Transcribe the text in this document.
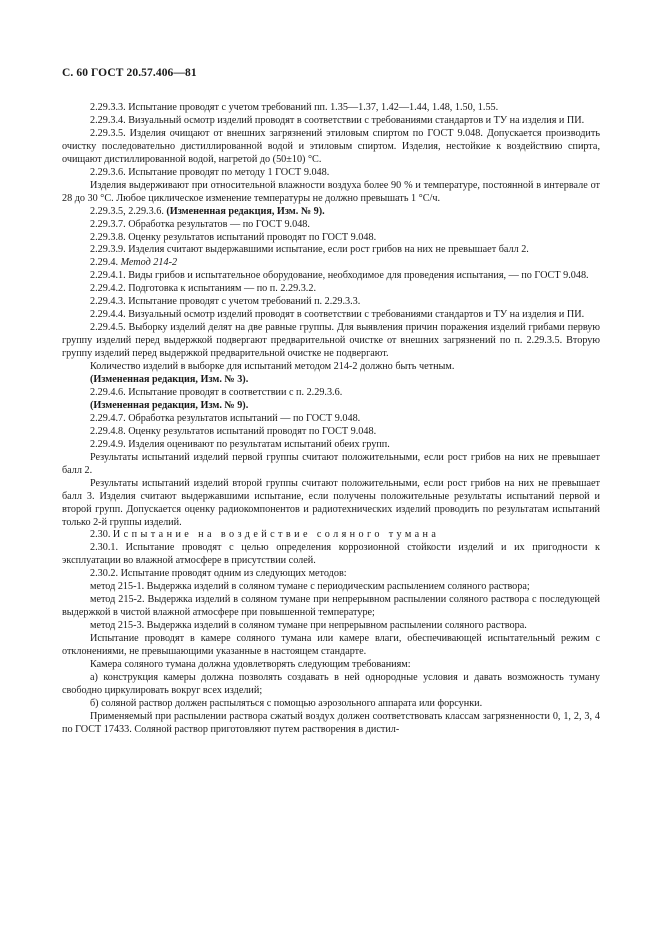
С. 60 ГОСТ 20.57.406—81

2.29.3.3. Испытание проводят с учетом требований пп. 1.35—1.37, 1.42—1.44, 1.48, 1.50, 1.55.

2.29.3.4. Визуальный осмотр изделий проводят в соответствии с требованиями стандартов и ТУ на изделия и ПИ.

2.29.3.5. Изделия очищают от внешних загрязнений этиловым спиртом по ГОСТ 9.048. Допускается производить очистку последовательно дистиллированной водой и этиловым спиртом. Изделия, нестойкие к воздействию спирта, очищают дистиллированной водой, нагретой до (50±10) °С.

2.29.3.6. Испытание проводят по методу 1 ГОСТ 9.048.

Изделия выдерживают при относительной влажности воздуха более 90 % и температуре, постоянной в интервале от 28 до 30 °С. Любое циклическое изменение температуры не должно превышать 1 °С/ч.

2.29.3.5, 2.29.3.6. (Измененная редакция, Изм. № 9).

2.29.3.7. Обработка результатов — по ГОСТ 9.048.

2.29.3.8. Оценку результатов испытаний проводят по ГОСТ 9.048.

2.29.3.9. Изделия считают выдержавшими испытание, если рост грибов на них не превышает балл 2.

2.29.4. Метод 214-2

2.29.4.1. Виды грибов и испытательное оборудование, необходимое для проведения испытания, — по ГОСТ 9.048.

2.29.4.2. Подготовка к испытаниям — по п. 2.29.3.2.

2.29.4.3. Испытание проводят с учетом требований п. 2.29.3.3.

2.29.4.4. Визуальный осмотр изделий проводят в соответствии с требованиями стандартов и ТУ на изделия и ПИ.

2.29.4.5. Выборку изделий делят на две равные группы. Для выявления причин поражения изделий грибами первую группу изделий перед выдержкой подвергают предварительной очистке от внешних загрязнений по п. 2.29.3.5. Вторую группу изделий перед выдержкой предварительной очистке не подвергают.

Количество изделий в выборке для испытаний методом 214-2 должно быть четным.

(Измененная редакция, Изм. № 3).

2.29.4.6. Испытание проводят в соответствии с п. 2.29.3.6.

(Измененная редакция, Изм. № 9).

2.29.4.7. Обработка результатов испытаний — по ГОСТ 9.048.

2.29.4.8. Оценку результатов испытаний проводят по ГОСТ 9.048.

2.29.4.9. Изделия оценивают по результатам испытаний обеих групп.

Результаты испытаний изделий первой группы считают положительными, если рост грибов на них не превышает балл 2.

Результаты испытаний изделий второй группы считают положительными, если рост грибов на них не превышает балл 3. Изделия считают выдержавшими испытание, если получены положительные результаты испытаний первой и второй групп. Допускается оценку радиокомпонентов и радиотехнических изделий проводить по результатам испытаний только 2-й группы изделий.

2.30. Испытание на воздействие соляного тумана

2.30.1. Испытание проводят с целью определения коррозионной стойкости изделий и их пригодности к эксплуатации во влажной атмосфере в присутствии солей.

2.30.2. Испытание проводят одним из следующих методов:

метод 215-1. Выдержка изделий в соляном тумане с периодическим распылением соляного раствора;

метод 215-2. Выдержка изделий в соляном тумане при непрерывном распылении соляного раствора с последующей выдержкой в чистой влажной атмосфере при повышенной температуре;

метод 215-3. Выдержка изделий в соляном тумане при непрерывном распылении соляного раствора.

Испытание проводят в камере соляного тумана или камере влаги, обеспечивающей испытательный режим с отклонениями, не превышающими указанные в настоящем стандарте.

Камера соляного тумана должна удовлетворять следующим требованиям:

а) конструкция камеры должна позволять создавать в ней однородные условия и давать возможность туману свободно циркулировать вокруг всех изделий;

б) соляной раствор должен распыляться с помощью аэрозольного аппарата или форсунки.

Применяемый при распылении раствора сжатый воздух должен соответствовать классам загрязненности 0, 1, 2, 3, 4 по ГОСТ 17433. Соляной раствор приготовляют путем растворения в дистил-
